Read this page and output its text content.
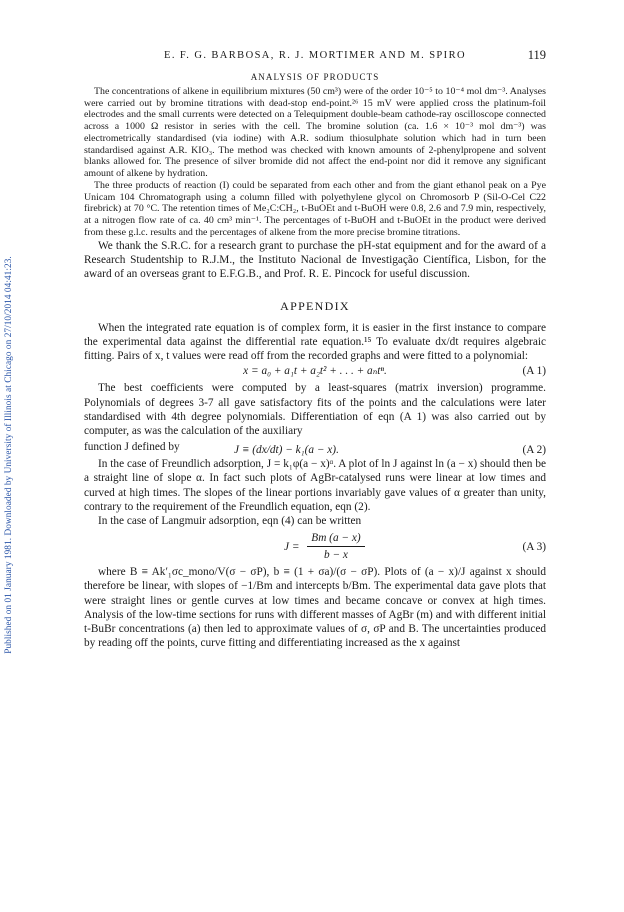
Published on 01 January 1981. Downloaded by University of Illinois at Chicago on 27/10/2014 04:41:23.
E. F. G. BARBOSA, R. J. MORTIMER AND M. SPIRO	119
ANALYSIS OF PRODUCTS

The concentrations of alkene in equilibrium mixtures (50 cm³) were of the order 10⁻⁵ to 10⁻⁴ mol dm⁻³. Analyses were carried out by bromine titrations with dead-stop end-point.²⁶ 15 mV were applied cross the platinum-foil electrodes and the small currents were detected on a Telequipment double-beam cathode-ray oscilloscope connected across a 1000 Ω resistor in series with the cell. The bromine solution (ca. 1.6 × 10⁻³ mol dm⁻³) was electrometrically standardised (via iodine) with A.R. sodium thiosulphate solution which had in turn been standardised against A.R. KIO₃. The method was checked with known amounts of 2-phenylpropene and solvent blanks allowed for. The presence of silver bromide did not affect the end-point nor did it remove any significant amount of alkene by hydration.

The three products of reaction (I) could be separated from each other and from the giant ethanol peak on a Pye Unicam 104 Chromatograph using a column filled with polyethylene glycol on Chromosorb P (Sil-O-Cel C22 firebrick) at 70 °C. The retention times of Me₂C:CH₂, t-BuOEt and t-BuOH were 0.8, 2.6 and 7.9 min, respectively, at a nitrogen flow rate of ca. 40 cm³ min⁻¹. The percentages of t-BuOH and t-BuOEt in the product were derived from these g.l.c. results and the percentages of alkene from the more precise bromine titrations.

We thank the S.R.C. for a research grant to purchase the pH-stat equipment and for the award of a Research Studentship to R.J.M., the Instituto Nacional de Investigação Científica, Lisbon, for the award of an overseas grant to E.F.G.B., and Prof. R. E. Pincock for useful discussion.

APPENDIX

When the integrated rate equation is of complex form, it is easier in the first instance to compare the experimental data against the differential rate equation.¹⁵ To evaluate dx/dt requires algebraic fitting. Pairs of x, t values were read off from the recorded graphs and were fitted to a polynomial:

x = a₀ + a₁t + a₂t² + . . . + aₙtⁿ.	(A 1)

The best coefficients were computed by a least-squares (matrix inversion) programme. Polynomials of degrees 3-7 all gave satisfactory fits of the points and the calculations were later standardised with 4th degree polynomials. Differentiation of eqn (A 1) was also carried out by computer, as was the calculation of the auxiliary

function J defined by	J ≡ (dx/dt) − k₁(a − x).	(A 2)

In the case of Freundlich adsorption, J = k₁φ(a − x)ᵅ. A plot of ln J against ln (a − x) should then be a straight line of slope α. In fact such plots of AgBr-catalysed runs were linear at low times and curved at high times. The slopes of the linear portions invariably gave values of α greater than unity, contrary to the requirement of the Freundlich equation, eqn (2).

In the case of Langmuir adsorption, eqn (4) can be written

$J = \frac{Bm (a - x)}{b - x}$	(A 3)

where B ≡ Ak′₁σc_mono/V(σ − σP), b ≡ (1 + σa)/(σ − σP). Plots of (a − x)/J against x should therefore be linear, with slopes of −1/Bm and intercepts b/Bm. The experimental data gave plots that were straight lines or gentle curves at low times and became concave or convex at high times. Analysis of the low-time sections for runs with different masses of AgBr (m) and with different initial t-BuBr concentrations (a) then led to approximate values of σ, σP and B. The uncertainties produced by reading off the points, curve fitting and differentiating increased as the x against
